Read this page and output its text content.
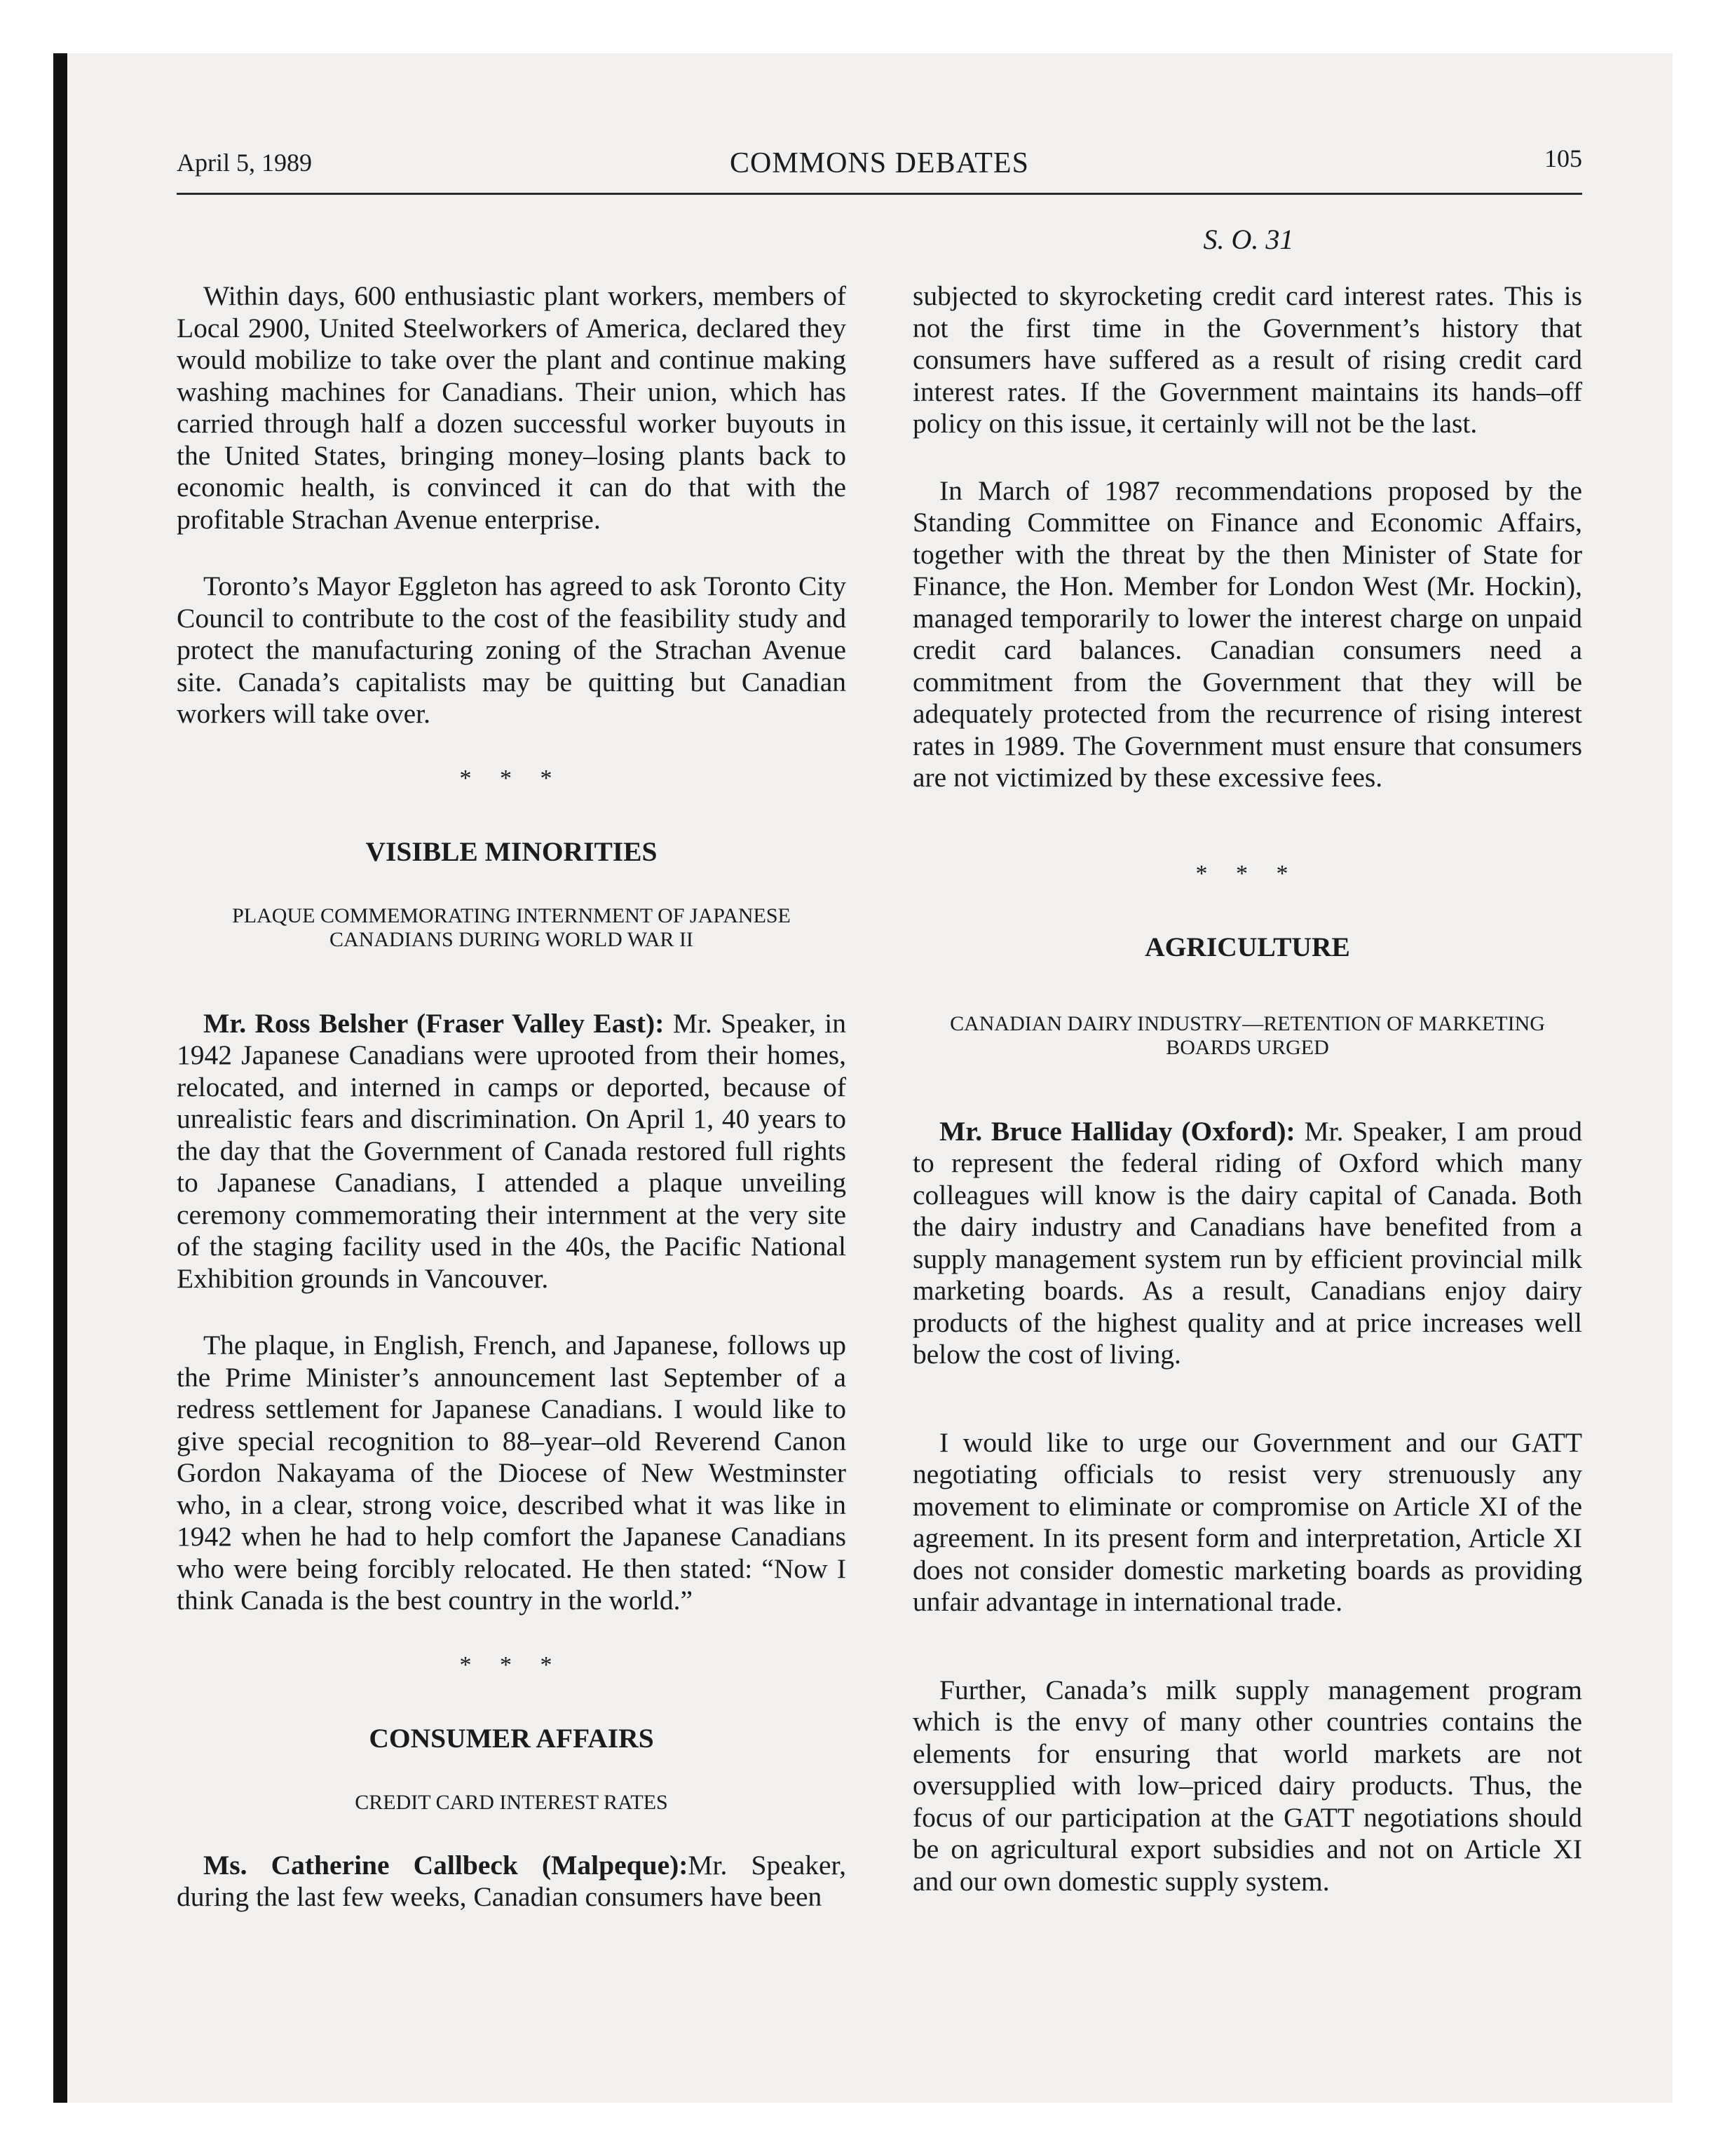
April 5, 1989	COMMONS DEBATES	105
S. O. 31

Within days, 600 enthusiastic plant workers, members of Local 2900, United Steelworkers of America, declared they would mobilize to take over the plant and continue making washing machines for Canadians. Their union, which has carried through half a dozen successful worker buyouts in the United States, bringing money–losing plants back to economic health, is convinced it can do that with the profitable Strachan Avenue enterprise.

Toronto’s Mayor Eggleton has agreed to ask Toronto City Council to contribute to the cost of the feasibility study and protect the manufacturing zoning of the Strachan Avenue site. Canada’s capitalists may be quitting but Canadian workers will take over.

* * *
VISIBLE MINORITIES
PLAQUE COMMEMORATING INTERNMENT OF JAPANESE CANADIANS DURING WORLD WAR II

Mr. Ross Belsher (Fraser Valley East): Mr. Speaker, in 1942 Japanese Canadians were uprooted from their homes, relocated, and interned in camps or deported, because of unrealistic fears and discrimination. On April 1, 40 years to the day that the Government of Canada restored full rights to Japanese Canadians, I attended a plaque unveiling ceremony commemorating their internment at the very site of the staging facility used in the 40s, the Pacific National Exhibition grounds in Vancouver.

The plaque, in English, French, and Japanese, follows up the Prime Minister’s announcement last September of a redress settlement for Japanese Canadians. I would like to give special recognition to 88–year–old Reverend Canon Gordon Nakayama of the Diocese of New Westminster who, in a clear, strong voice, described what it was like in 1942 when he had to help comfort the Japanese Canadians who were being forcibly relocated. He then stated: “Now I think Canada is the best country in the world.”

* * *
CONSUMER AFFAIRS
CREDIT CARD INTEREST RATES

Ms. Catherine Callbeck (Malpeque):Mr. Speaker, during the last few weeks, Canadian consumers have been

subjected to skyrocketing credit card interest rates. This is not the first time in the Government’s history that consumers have suffered as a result of rising credit card interest rates. If the Government maintains its hands–off policy on this issue, it certainly will not be the last.

In March of 1987 recommendations proposed by the Standing Committee on Finance and Economic Affairs, together with the threat by the then Minister of State for Finance, the Hon. Member for London West (Mr. Hockin), managed temporarily to lower the interest charge on unpaid credit card balances. Canadian consumers need a commitment from the Government that they will be adequately protected from the recurrence of rising interest rates in 1989. The Government must ensure that consumers are not victimized by these excessive fees.

* * *
AGRICULTURE
CANADIAN DAIRY INDUSTRY—RETENTION OF MARKETING BOARDS URGED

Mr. Bruce Halliday (Oxford): Mr. Speaker, I am proud to represent the federal riding of Oxford which many colleagues will know is the dairy capital of Canada. Both the dairy industry and Canadians have benefited from a supply management system run by efficient provincial milk marketing boards. As a result, Canadians enjoy dairy products of the highest quality and at price increases well below the cost of living.

I would like to urge our Government and our GATT negotiating officials to resist very strenuously any movement to eliminate or compromise on Article XI of the agreement. In its present form and interpretation, Article XI does not consider domestic marketing boards as providing unfair advantage in international trade.

Further, Canada’s milk supply management program which is the envy of many other countries contains the elements for ensuring that world markets are not oversupplied with low–priced dairy products. Thus, the focus of our participation at the GATT negotiations should be on agricultural export subsidies and not on Article XI and our own domestic supply system.
